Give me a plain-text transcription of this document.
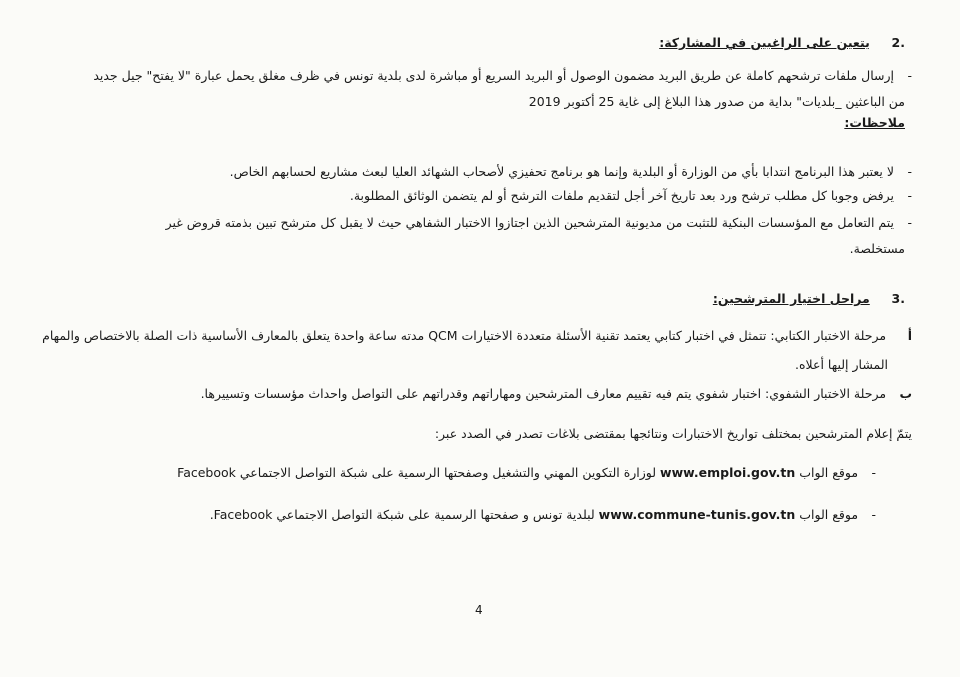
.2     يتعين على الراغبين في المشاركة:
- إرسال ملفات ترشحهم كاملة عن طريق البريد مضمون الوصول أو البريد السريع أو مباشرة لدى بلدية تونس في ظرف مغلق يحمل عبارة "لا يفتح" جيل جديد
من الباعثين _بلديات" بداية من صدور هذا البلاغ إلى غاية 25 أكتوبر 2019
ملاحظات:
- لا يعتبر هذا البرنامج انتدابا بأي من الوزارة أو البلدية وإنما هو برنامج تحفيزي لأصحاب الشهائد العليا لبعث مشاريع لحسابهم الخاص.
- يرفض وجوبا كل مطلب ترشح ورد بعد تاريخ آخر أجل لتقديم ملفات الترشح أو لم يتضمن الوثائق المطلوبة.
- يتم التعامل مع المؤسسات البنكية للتثبت من مديونية المترشحين الذين اجتازوا الاختبار الشفاهي حيث لا يقبل كل مترشح تبين بذمته قروض غير
مستخلصة.
.3     مراحل اختيار المترشحين:
أ   مرحلة الاختبار الكتابي: تتمثل في اختبار كتابي يعتمد تقنية الأسئلة متعددة الاختيارات QCM مدته ساعة واحدة يتعلق بالمعارف الأساسية ذات الصلة بالاختصاص والمهام
المشار إليها أعلاه.
ب   مرحلة الاختبار الشفوي: اختبار شفوي يتم فيه تقييم معارف المترشحين ومهاراتهم وقدراتهم على التواصل واحداث مؤسسات وتسييرها.
يتمّ إعلام المترشحين بمختلف تواريخ الاختبارات ونتائجها بمقتضى بلاغات تصدر في الصدد عبر:
- موقع الواب www.emploi.gov.tn لوزارة التكوين المهني والتشغيل وصفحتها الرسمية على شبكة التواصل الاجتماعي Facebook
- موقع الواب www.commune-tunis.gov.tn لبلدية تونس و صفحتها الرسمية على شبكة التواصل الاجتماعي Facebook.
4
